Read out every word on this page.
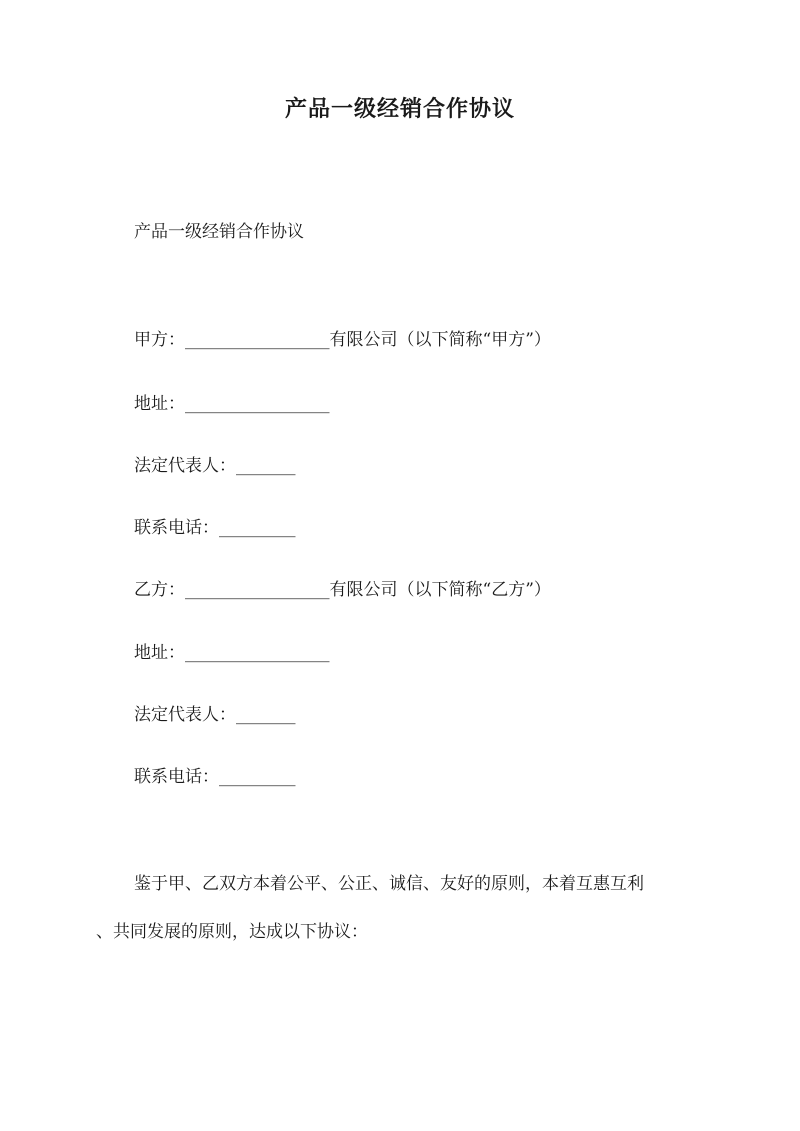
产品一级经销合作协议
产品一级经销合作协议
甲方：_________________有限公司（以下简称“甲方”）
地址：_________________
法定代表人：_______
联系电话：_________
乙方：_________________有限公司（以下简称“乙方”）
地址：_________________
法定代表人：_______
联系电话：_________
鉴于甲、乙双方本着公平、公正、诚信、友好的原则，本着互惠互利
、共同发展的原则，达成以下协议：
